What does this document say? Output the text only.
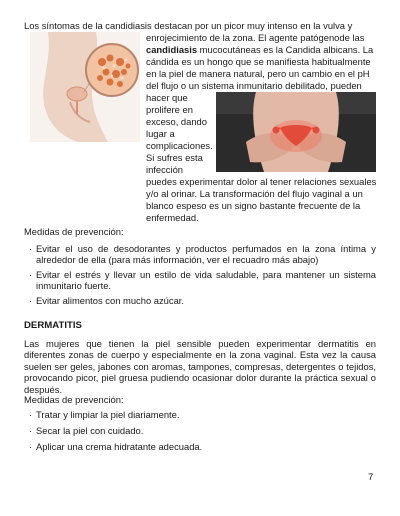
Los síntomas de la candidiasis destacan por un picor muy intenso en la vulva y

enrojecimiento de la zona. El agente patógenode las

candidiasis mucocutáneas es la Candida albicans. La

cándida es un hongo que se manifiesta habitualmente

en la piel de manera natural, pero un cambio en el pH

del flujo o un sistema inmunitario debilitado, pueden

hacer que

prolifere en

exceso, dando

lugar a

complicaciones.

Si sufres esta

infección

puedes experimentar dolor al tener relaciones sexuales

y/o al orinar. La transformación del flujo vaginal a un

blanco espeso es un signo bastante frecuente de la

enfermedad.

Medidas de prevención:

· Evitar el uso de desodorantes y productos perfumados en la zona íntima y alrededor de ella (para más información, ver el recuadro más abajo)

· Evitar el estrés y llevar un estilo de vida saludable, para mantener un sistema inmunitario fuerte.

· Evitar alimentos con mucho azúcar.

DERMATITIS

Las mujeres que tienen la piel sensible pueden experimentar dermatitis en diferentes zonas de cuerpo y especialmente en la zona vaginal. Esta vez la causa suelen ser geles, jabones con aromas, tampones, compresas, detergentes o tejidos, provocando picor, piel gruesa pudiendo ocasionar dolor durante la práctica sexual o después.

Medidas de prevención:

· Tratar y limpiar la piel diariamente.

· Secar la piel con cuidado.

· Aplicar una crema hidratante adecuada.

7
